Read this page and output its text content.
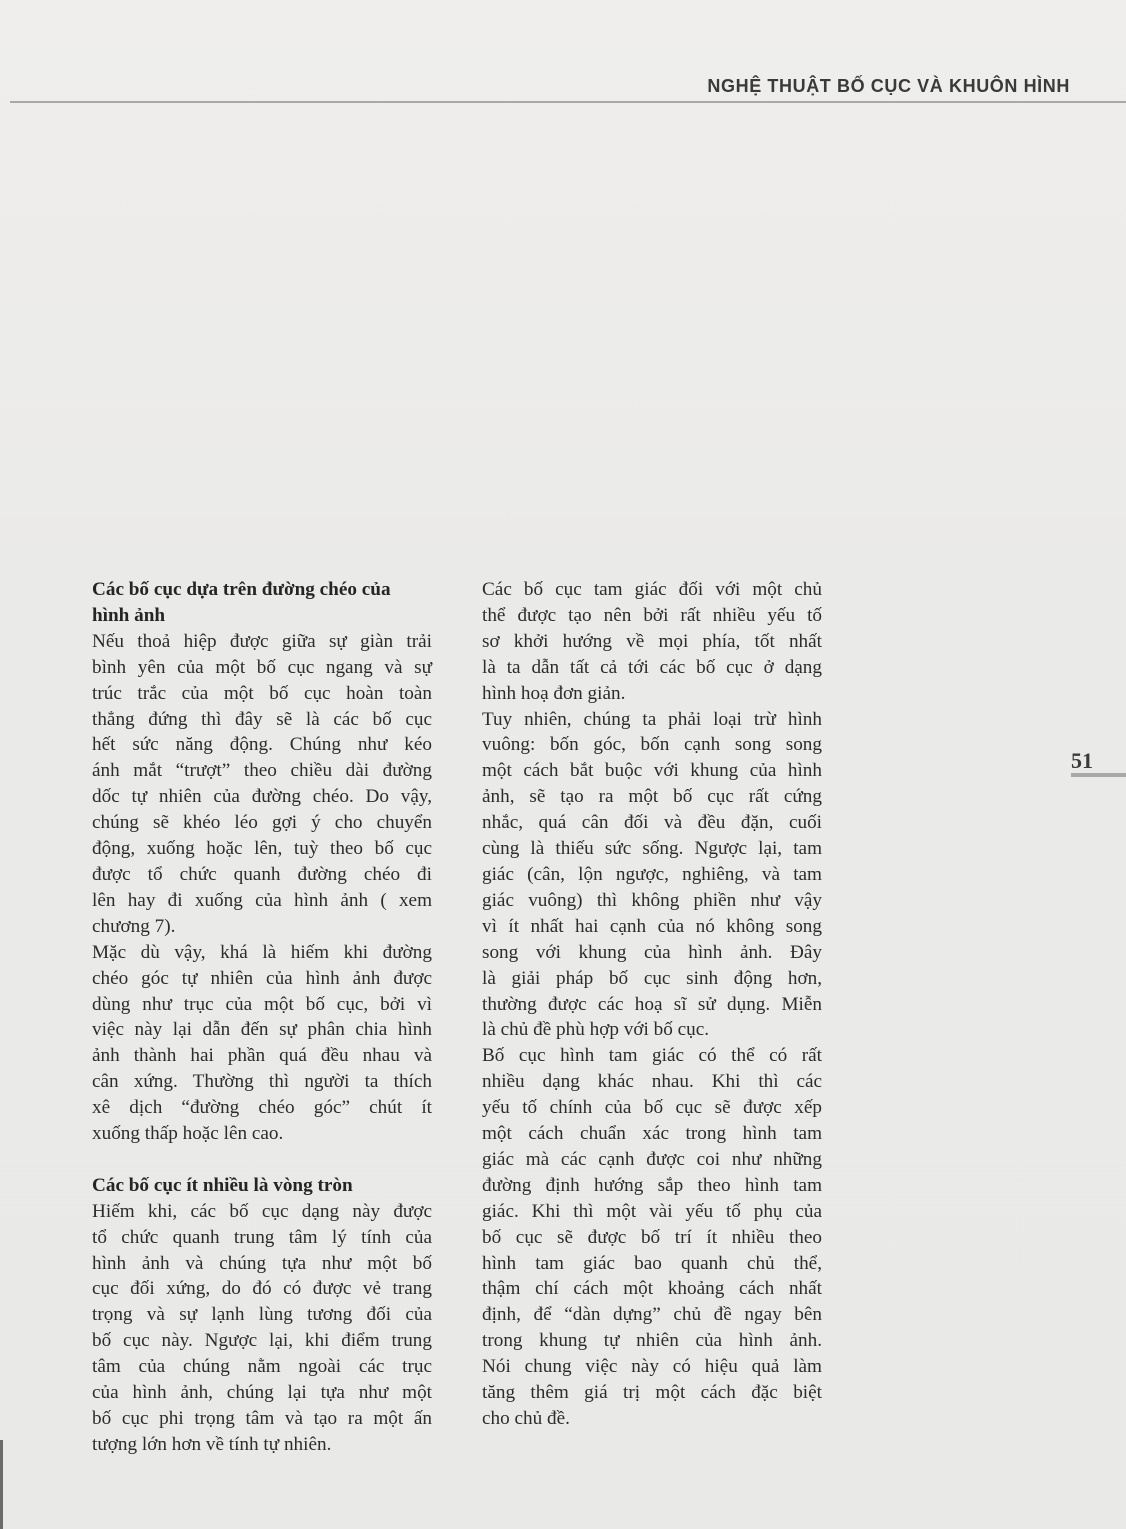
NGHỆ THUẬT BỐ CỤC VÀ KHUÔN HÌNH
51
Các bố cục dựa trên đường chéo của
hình ảnh
Nếu thoả hiệp được giữa sự giàn trải
bình yên của một bố cục ngang và sự
trúc trắc của một bố cục hoàn toàn
thẳng đứng thì đây sẽ là các bố cục
hết sức năng động. Chúng như kéo
ánh mắt “trượt” theo chiều dài đường
dốc tự nhiên của đường chéo. Do vậy,
chúng sẽ khéo léo gợi ý cho chuyển
động, xuống hoặc lên, tuỳ theo bố cục
được tổ chức quanh đường chéo đi
lên hay đi xuống của hình ảnh ( xem
chương 7).
Mặc dù vậy, khá là hiếm khi đường
chéo góc tự nhiên của hình ảnh được
dùng như trục của một bố cục, bởi vì
việc này lại dẫn đến sự phân chia hình
ảnh thành hai phần quá đều nhau và
cân xứng. Thường thì người ta thích
xê dịch “đường chéo góc” chút ít
xuống thấp hoặc lên cao.
Các bố cục ít nhiều là vòng tròn
Hiếm khi, các bố cục dạng này được
tổ chức quanh trung tâm lý tính của
hình ảnh và chúng tựa như một bố
cục đối xứng, do đó có được vẻ trang
trọng và sự lạnh lùng tương đối của
bố cục này. Ngược lại, khi điểm trung
tâm của chúng nằm ngoài các trục
của hình ảnh, chúng lại tựa như một
bố cục phi trọng tâm và tạo ra một ấn
tượng lớn hơn về tính tự nhiên.
Các bố cục tam giác đối với một chủ
thể được tạo nên bởi rất nhiều yếu tố
sơ khởi hướng về mọi phía, tốt nhất
là ta dẫn tất cả tới các bố cục ở dạng
hình hoạ đơn giản.
Tuy nhiên, chúng ta phải loại trừ hình
vuông: bốn góc, bốn cạnh song song
một cách bắt buộc với khung của hình
ảnh, sẽ tạo ra một bố cục rất cứng
nhắc, quá cân đối và đều đặn, cuối
cùng là thiếu sức sống. Ngược lại, tam
giác (cân, lộn ngược, nghiêng, và tam
giác vuông) thì không phiền như vậy
vì ít nhất hai cạnh của nó không song
song với khung của hình ảnh. Đây
là giải pháp bố cục sinh động hơn,
thường được các hoạ sĩ sử dụng. Miễn
là chủ đề phù hợp với bố cục.
Bố cục hình tam giác có thể có rất
nhiều dạng khác nhau. Khi thì các
yếu tố chính của bố cục sẽ được xếp
một cách chuẩn xác trong hình tam
giác mà các cạnh được coi như những
đường định hướng sắp theo hình tam
giác. Khi thì một vài yếu tố phụ của
bố cục sẽ được bố trí ít nhiều theo
hình tam giác bao quanh chủ thể,
thậm chí cách một khoảng cách nhất
định, để “dàn dựng” chủ đề ngay bên
trong khung tự nhiên của hình ảnh.
Nói chung việc này có hiệu quả làm
tăng thêm giá trị một cách đặc biệt
cho chủ đề.
